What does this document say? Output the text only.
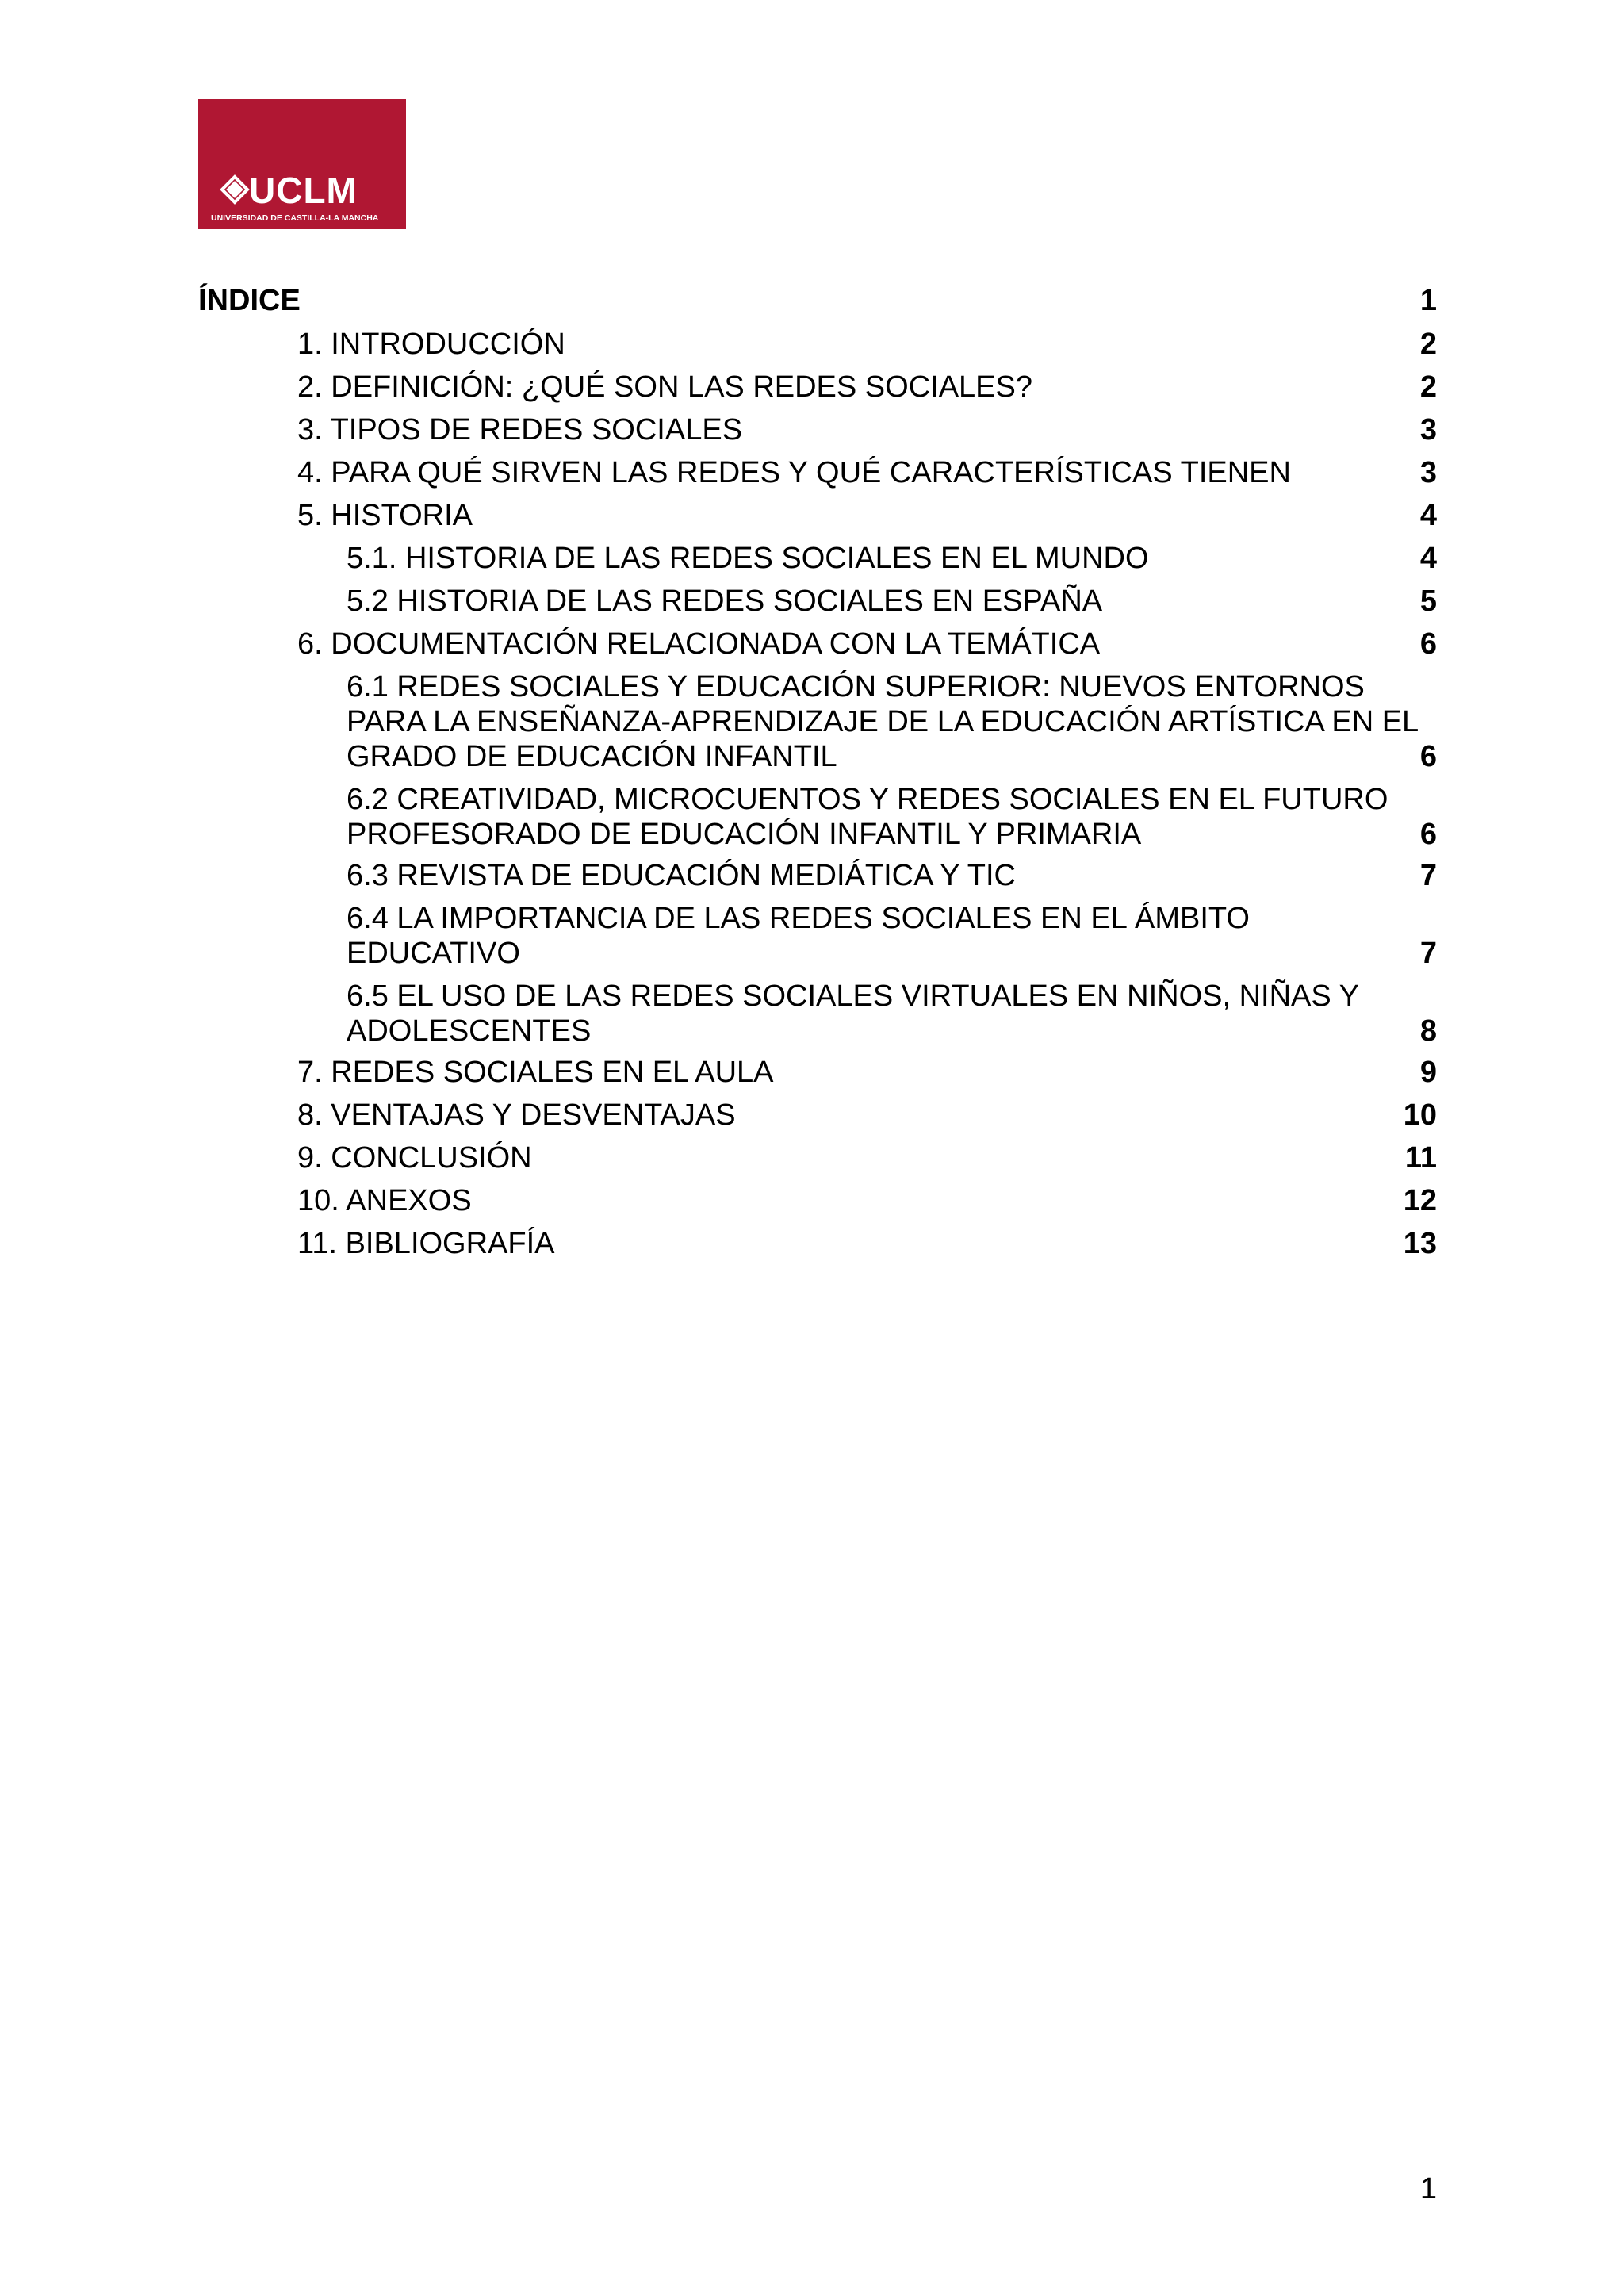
UCLM
UNIVERSIDAD DE CASTILLA-LA MANCHA
ÍNDICE	1
1. INTRODUCCIÓN	2
2. DEFINICIÓN: ¿QUÉ SON LAS REDES SOCIALES?	2
3. TIPOS DE REDES SOCIALES	3
4. PARA QUÉ SIRVEN LAS REDES Y QUÉ CARACTERÍSTICAS TIENEN	3
5. HISTORIA	4
5.1. HISTORIA DE LAS REDES SOCIALES EN EL MUNDO	4
5.2 HISTORIA DE LAS REDES SOCIALES EN ESPAÑA	5
6. DOCUMENTACIÓN RELACIONADA CON LA TEMÁTICA	6
6.1 REDES SOCIALES Y EDUCACIÓN SUPERIOR: NUEVOS ENTORNOS
PARA LA ENSEÑANZA-APRENDIZAJE DE LA EDUCACIÓN ARTÍSTICA EN EL
GRADO DE EDUCACIÓN INFANTIL	6
6.2 CREATIVIDAD, MICROCUENTOS Y REDES SOCIALES EN EL FUTURO
PROFESORADO DE EDUCACIÓN INFANTIL Y PRIMARIA	6
6.3 REVISTA DE EDUCACIÓN MEDIÁTICA Y TIC	7
6.4 LA IMPORTANCIA DE LAS REDES SOCIALES EN EL ÁMBITO
EDUCATIVO	7
6.5 EL USO DE LAS REDES SOCIALES VIRTUALES EN NIÑOS, NIÑAS Y
ADOLESCENTES	8
7. REDES SOCIALES EN EL AULA	9
8. VENTAJAS Y DESVENTAJAS	10
9. CONCLUSIÓN	11
10. ANEXOS	12
11. BIBLIOGRAFÍA	13
1
